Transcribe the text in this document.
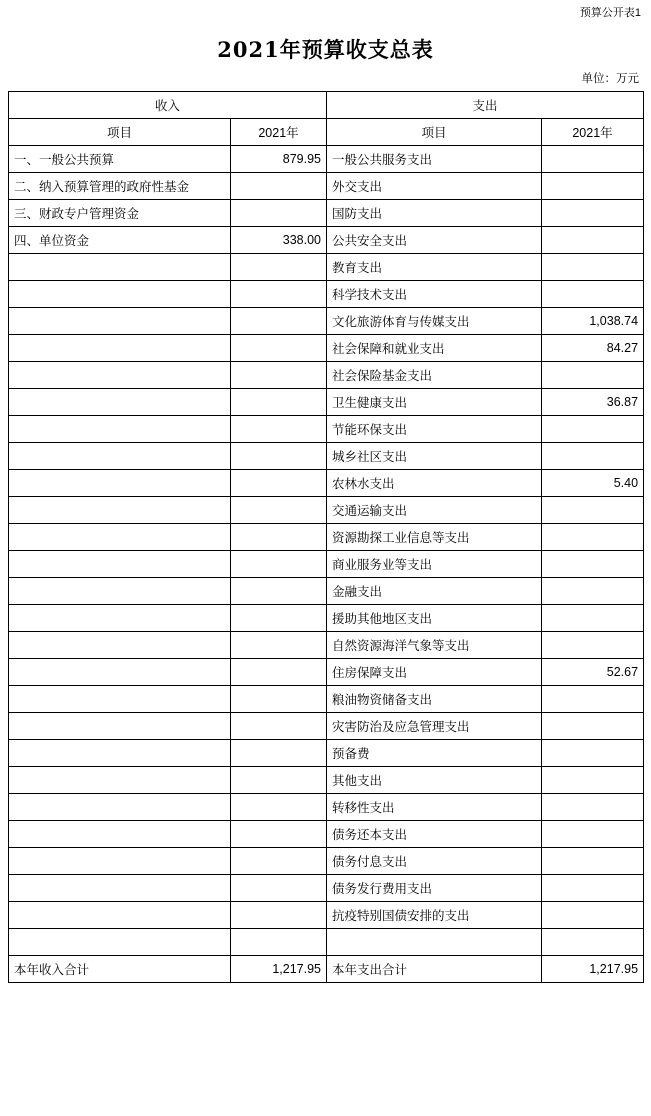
预算公开表1
2021年预算收支总表
单位：万元
收入		支出	
项目	2021年	项目	2021年
一、一般公共预算	879.95	一般公共服务支出	
二、纳入预算管理的政府性基金		外交支出	
三、财政专户管理资金		国防支出	
四、单位资金	338.00	公共安全支出	
		教育支出	
		科学技术支出	
		文化旅游体育与传媒支出	1,038.74
		社会保障和就业支出	84.27
		社会保险基金支出	
		卫生健康支出	36.87
		节能环保支出	
		城乡社区支出	
		农林水支出	5.40
		交通运输支出	
		资源勘探工业信息等支出	
		商业服务业等支出	
		金融支出	
		援助其他地区支出	
		自然资源海洋气象等支出	
		住房保障支出	52.67
		粮油物资储备支出	
		灾害防治及应急管理支出	
		预备费	
		其他支出	
		转移性支出	
		债务还本支出	
		债务付息支出	
		债务发行费用支出	
		抗疫特别国债安排的支出	

本年收入合计	1,217.95	本年支出合计	1,217.95
